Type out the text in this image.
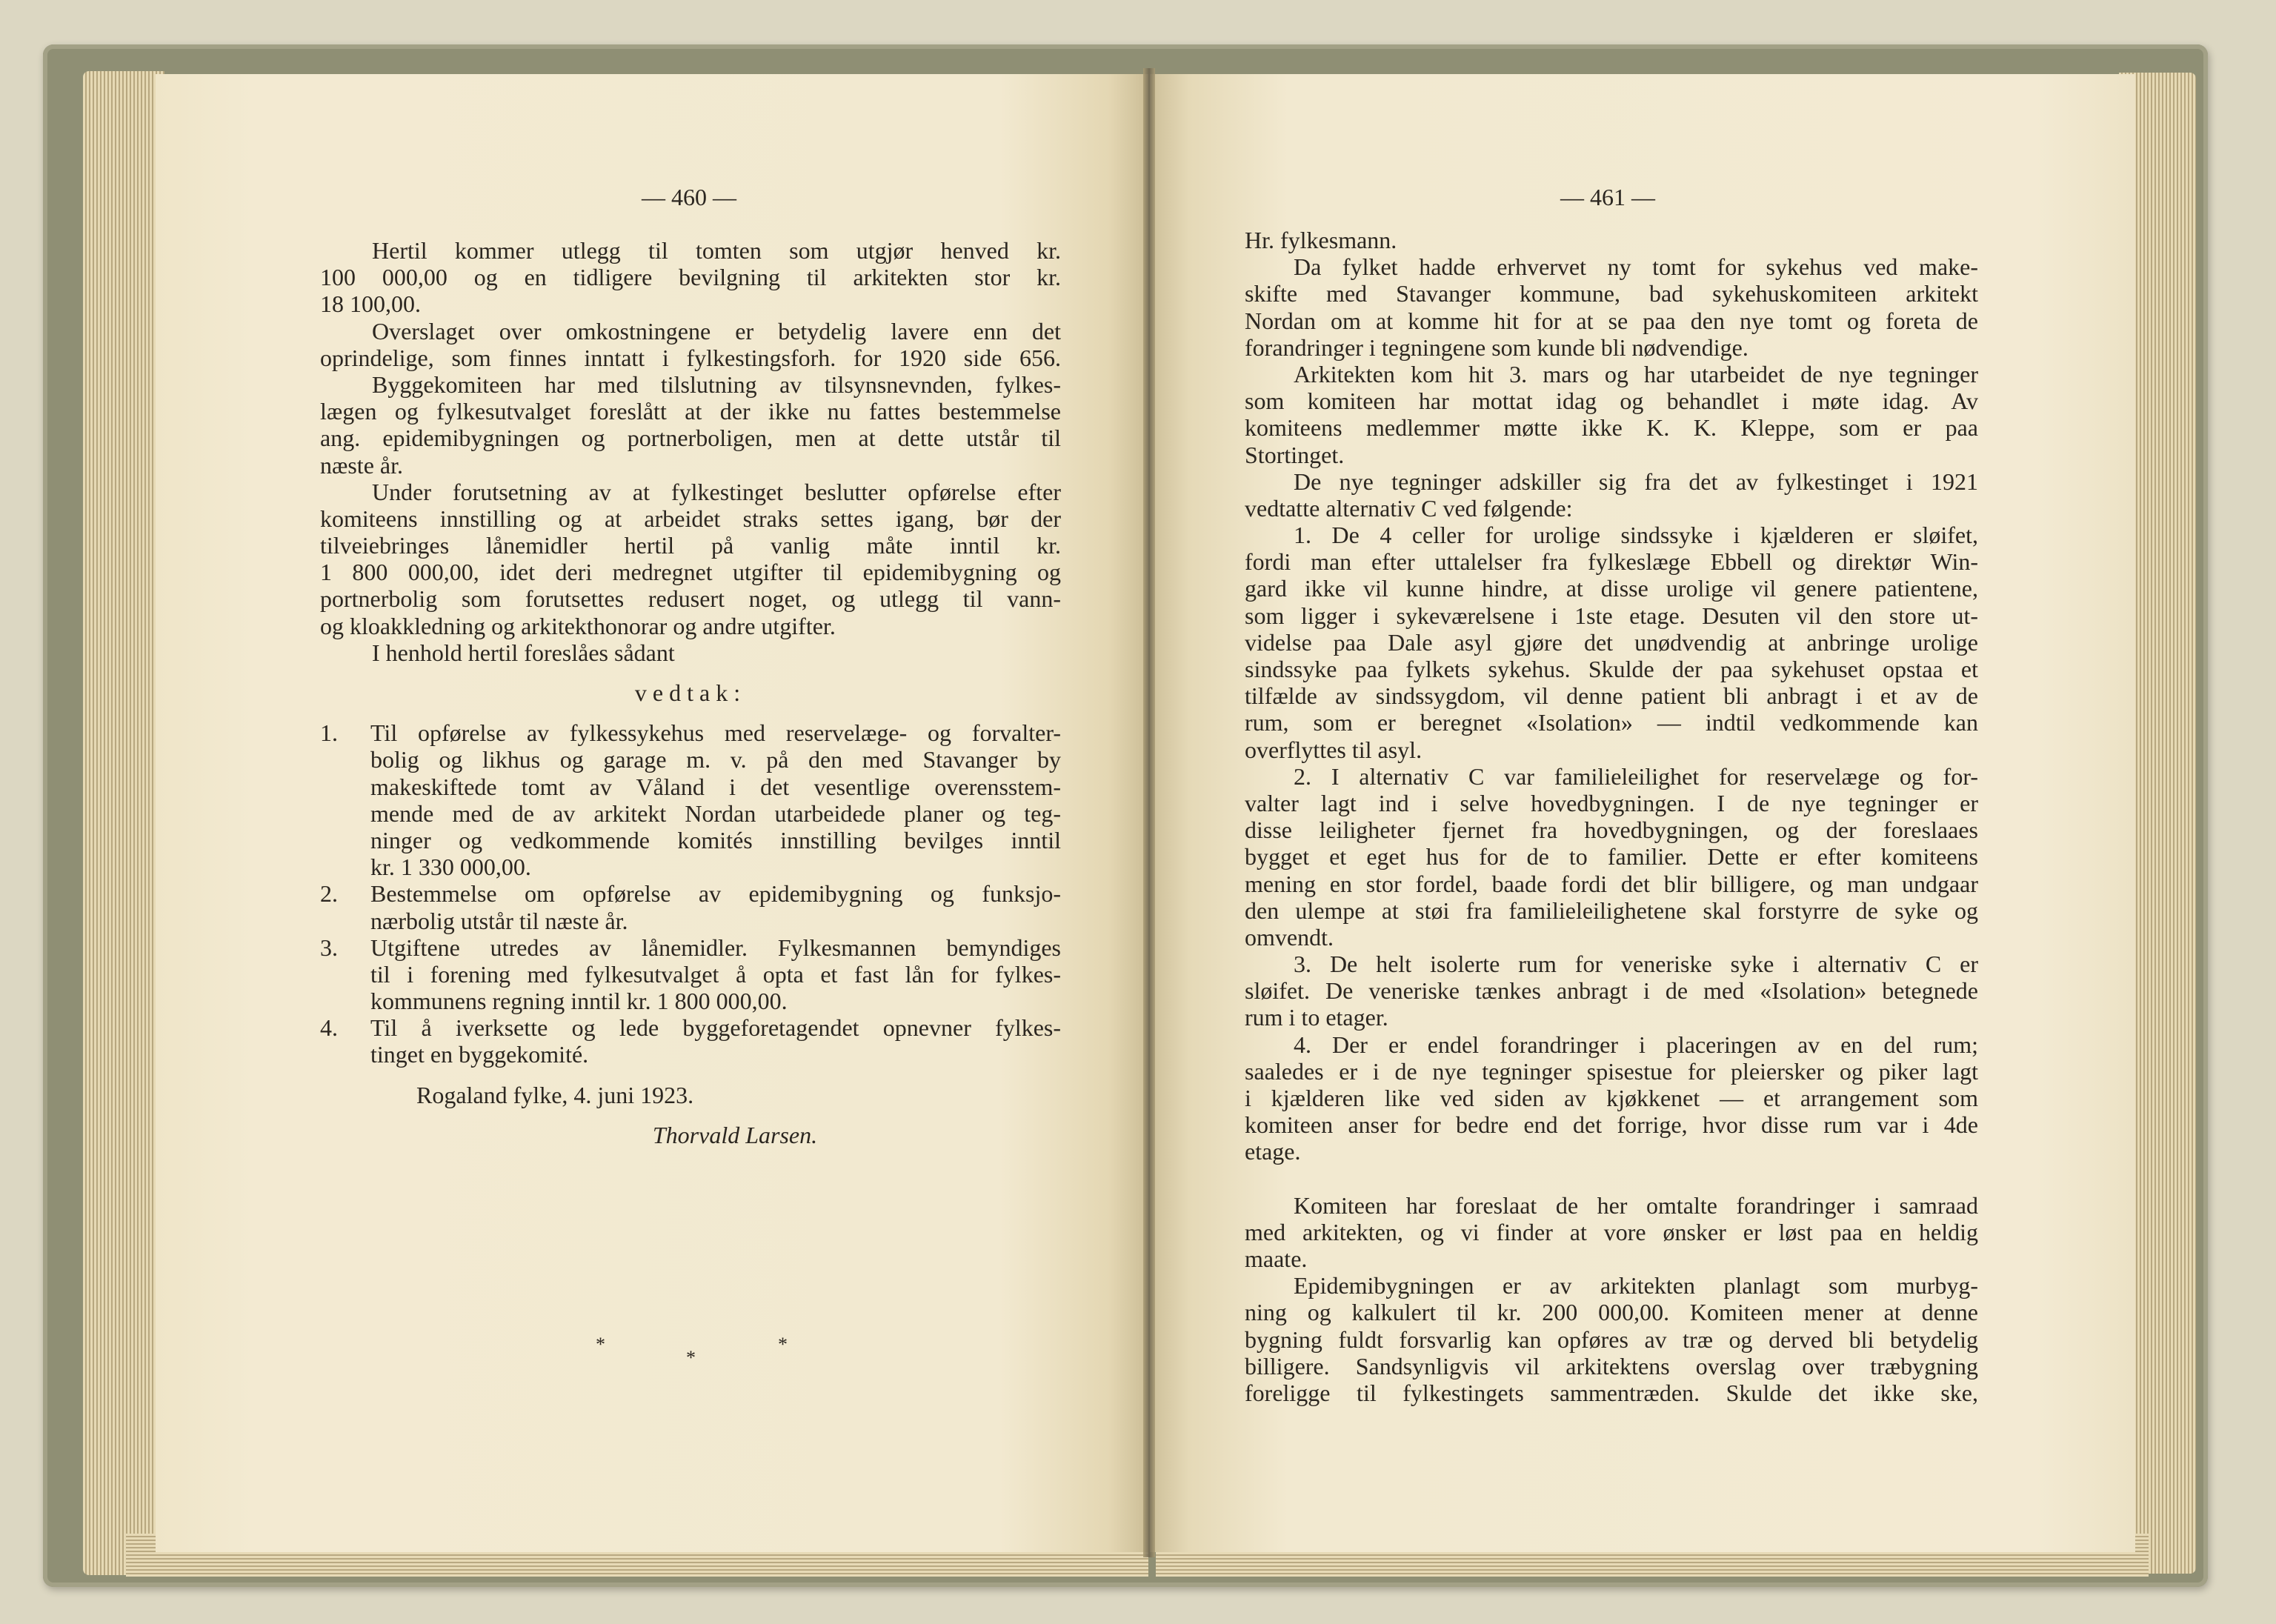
— 460 —
Hertil kommer utlegg til tomten som utgjør henved kr.
100 000,00 og en tidligere bevilgning til arkitekten stor kr.
18 100,00.
Overslaget over omkostningene er betydelig lavere enn det
oprindelige, som finnes inntatt i fylkestingsforh. for 1920 side 656.
Byggekomiteen har med tilslutning av tilsynsnevnden, fylkes-
lægen og fylkesutvalget foreslått at der ikke nu fattes bestemmelse
ang. epidemibygningen og portnerboligen, men at dette utstår til
næste år.
Under forutsetning av at fylkestinget beslutter opførelse efter
komiteens innstilling og at arbeidet straks settes igang, bør der
tilveiebringes lånemidler hertil på vanlig måte inntil kr.
1 800 000,00, idet deri medregnet utgifter til epidemibygning og
portnerbolig som forutsettes redusert noget, og utlegg til vann-
og kloakkledning og arkitekthonorar og andre utgifter.
I henhold hertil foreslåes sådant
vedtak:
1. Til opførelse av fylkessykehus med reservelæge- og forvalter-
bolig og likhus og garage m. v. på den med Stavanger by
makeskiftede tomt av Våland i det vesentlige overensstem-
mende med de av arkitekt Nordan utarbeidede planer og teg-
ninger og vedkommende komités innstilling bevilges inntil
kr. 1 330 000,00.
2. Bestemmelse om opførelse av epidemibygning og funksjo-
nærbolig utstår til næste år.
3. Utgiftene utredes av lånemidler. Fylkesmannen bemyndiges
til i forening med fylkesutvalget å opta et fast lån for fylkes-
kommunens regning inntil kr. 1 800 000,00.
4. Til å iverksette og lede byggeforetagendet opnevner fylkes-
tinget en byggekomité.
Rogaland fylke, 4. juni 1923.
Thorvald Larsen.
*
*
*
— 461 —
Hr. fylkesmann.
Da fylket hadde erhvervet ny tomt for sykehus ved make-
skifte med Stavanger kommune, bad sykehuskomiteen arkitekt
Nordan om at komme hit for at se paa den nye tomt og foreta de
forandringer i tegningene som kunde bli nødvendige.
Arkitekten kom hit 3. mars og har utarbeidet de nye tegninger
som komiteen har mottat idag og behandlet i møte idag. Av
komiteens medlemmer møtte ikke K. K. Kleppe, som er paa
Stortinget.
De nye tegninger adskiller sig fra det av fylkestinget i 1921
vedtatte alternativ C ved følgende:
1. De 4 celler for urolige sindssyke i kjælderen er sløifet,
fordi man efter uttalelser fra fylkeslæge Ebbell og direktør Win-
gard ikke vil kunne hindre, at disse urolige vil genere patientene,
som ligger i sykeværelsene i 1ste etage. Desuten vil den store ut-
videlse paa Dale asyl gjøre det unødvendig at anbringe urolige
sindssyke paa fylkets sykehus. Skulde der paa sykehuset opstaa et
tilfælde av sindssygdom, vil denne patient bli anbragt i et av de
rum, som er beregnet «Isolation» — indtil vedkommende kan
overflyttes til asyl.
2. I alternativ C var familieleilighet for reservelæge og for-
valter lagt ind i selve hovedbygningen. I de nye tegninger er
disse leiligheter fjernet fra hovedbygningen, og der foreslaaes
bygget et eget hus for de to familier. Dette er efter komiteens
mening en stor fordel, baade fordi det blir billigere, og man undgaar
den ulempe at støi fra familieleilighetene skal forstyrre de syke og
omvendt.
3. De helt isolerte rum for veneriske syke i alternativ C er
sløifet. De veneriske tænkes anbragt i de med «Isolation» betegnede
rum i to etager.
4. Der er endel forandringer i placeringen av en del rum;
saaledes er i de nye tegninger spisestue for pleiersker og piker lagt
i kjælderen like ved siden av kjøkkenet — et arrangement som
komiteen anser for bedre end det forrige, hvor disse rum var i 4de
etage.
Komiteen har foreslaat de her omtalte forandringer i samraad
med arkitekten, og vi finder at vore ønsker er løst paa en heldig
maate.
Epidemibygningen er av arkitekten planlagt som murbyg-
ning og kalkulert til kr. 200 000,00. Komiteen mener at denne
bygning fuldt forsvarlig kan opføres av træ og derved bli betydelig
billigere. Sandsynligvis vil arkitektens overslag over træbygning
foreligge til fylkestingets sammentræden. Skulde det ikke ske,
